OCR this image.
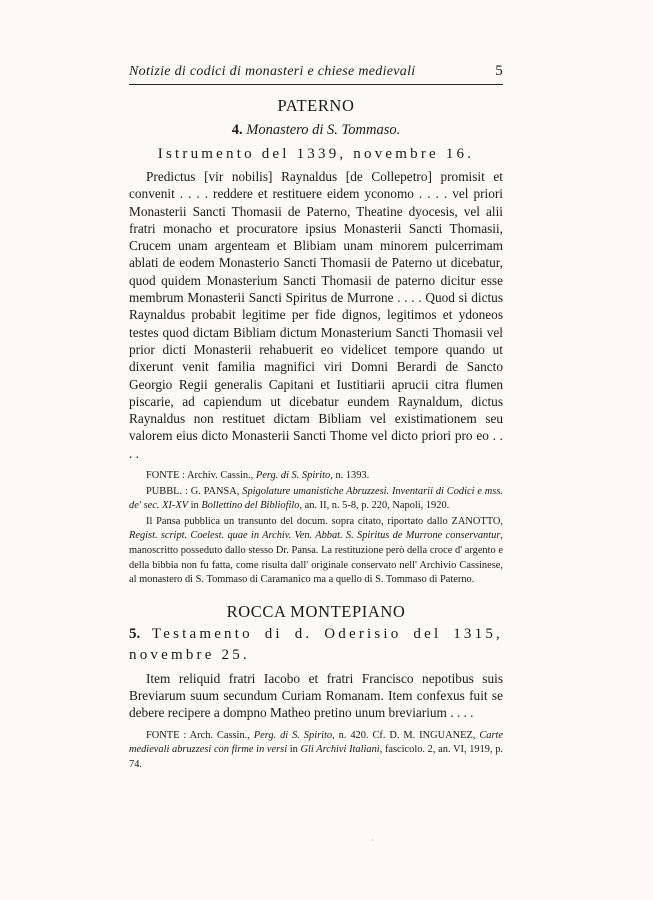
Notizie di codici di monasteri e chiese medievali	5
PATERNO
4. Monastero di S. Tommaso.
Istrumento del 1339, novembre 16.

Predictus [vir nobilis] Raynaldus [de Collepetro] promisit et convenit . . . . reddere et restituere eidem yconomo . . . . vel priori Monasterii Sancti Thomasii de Paterno, Theatine dyocesis, vel alii fratri monacho et procuratore ipsius Monasterii Sancti Thomasii, Crucem unam argenteam et Blibiam unam minorem pulcerrimam ablati de eodem Monasterio Sancti Thomasii de Paterno ut dicebatur, quod quidem Monasterium Sancti Thomasii de paterno dicitur esse membrum Monasterii Sancti Spiritus de Murrone . . . . Quod si dictus Raynaldus probabit legitime per fide dignos, legitimos et ydoneos testes quod dictam Bibliam dictum Monasterium Sancti Thomasii vel prior dicti Monasterii rehabuerit eo videlicet tempore quando ut dixerunt venit familia magnifici viri Domni Berardi de Sancto Georgio Regii generalis Capitani et Iustitiarii aprucii citra flumen piscarie, ad capiendum ut dicebatur eundem Raynaldum, dictus Raynaldus non restituet dictam Bibliam vel existimationem seu valorem eius dicto Monasterii Sancti Thome vel dicto priori pro eo . . . .

FONTE : Archiv. Cassin., Perg. di S. Spirito, n. 1393.

PUBBL. : G. PANSA, Spigolature umanistiche Abruzzesi. Inventarii di Codici e mss. de' sec. XI-XV in Bollettino del Bibliofilo, an. II, n. 5-8, p. 220, Napoli, 1920.

Il Pansa pubblica un transunto del docum. sopra citato, riportato dallo ZANOTTO, Regist. script. Coelest. quae in Archiv. Ven. Abbat. S. Spiritus de Murrone conservantur, manoscritto posseduto dallo stesso Dr. Pansa. La restituzione però della croce d' argento e della bibbia non fu fatta, come risulta dall' originale conservato nell' Archivio Cassinese, al monastero di S. Tommaso di Caramanico ma a quello di S. Tommaso di Paterno.

ROCCA MONTEPIANO
5. Testamento di d. Oderisio del 1315, novembre 25.

Item reliquid fratri Iacobo et fratri Francisco nepotibus suis Breviarum suum secundum Curiam Romanam. Item confexus fuit se debere recipere a dompno Matheo pretino unum breviarium . . . .

FONTE : Arch. Cassin., Perg. di S. Spirito, n. 420. Cf. D. M. INGUANEZ, Carte medievali abruzzesi con firme in versi in Gli Archivi Italiani, fascicolo. 2, an. VI, 1919, p. 74.

˙
